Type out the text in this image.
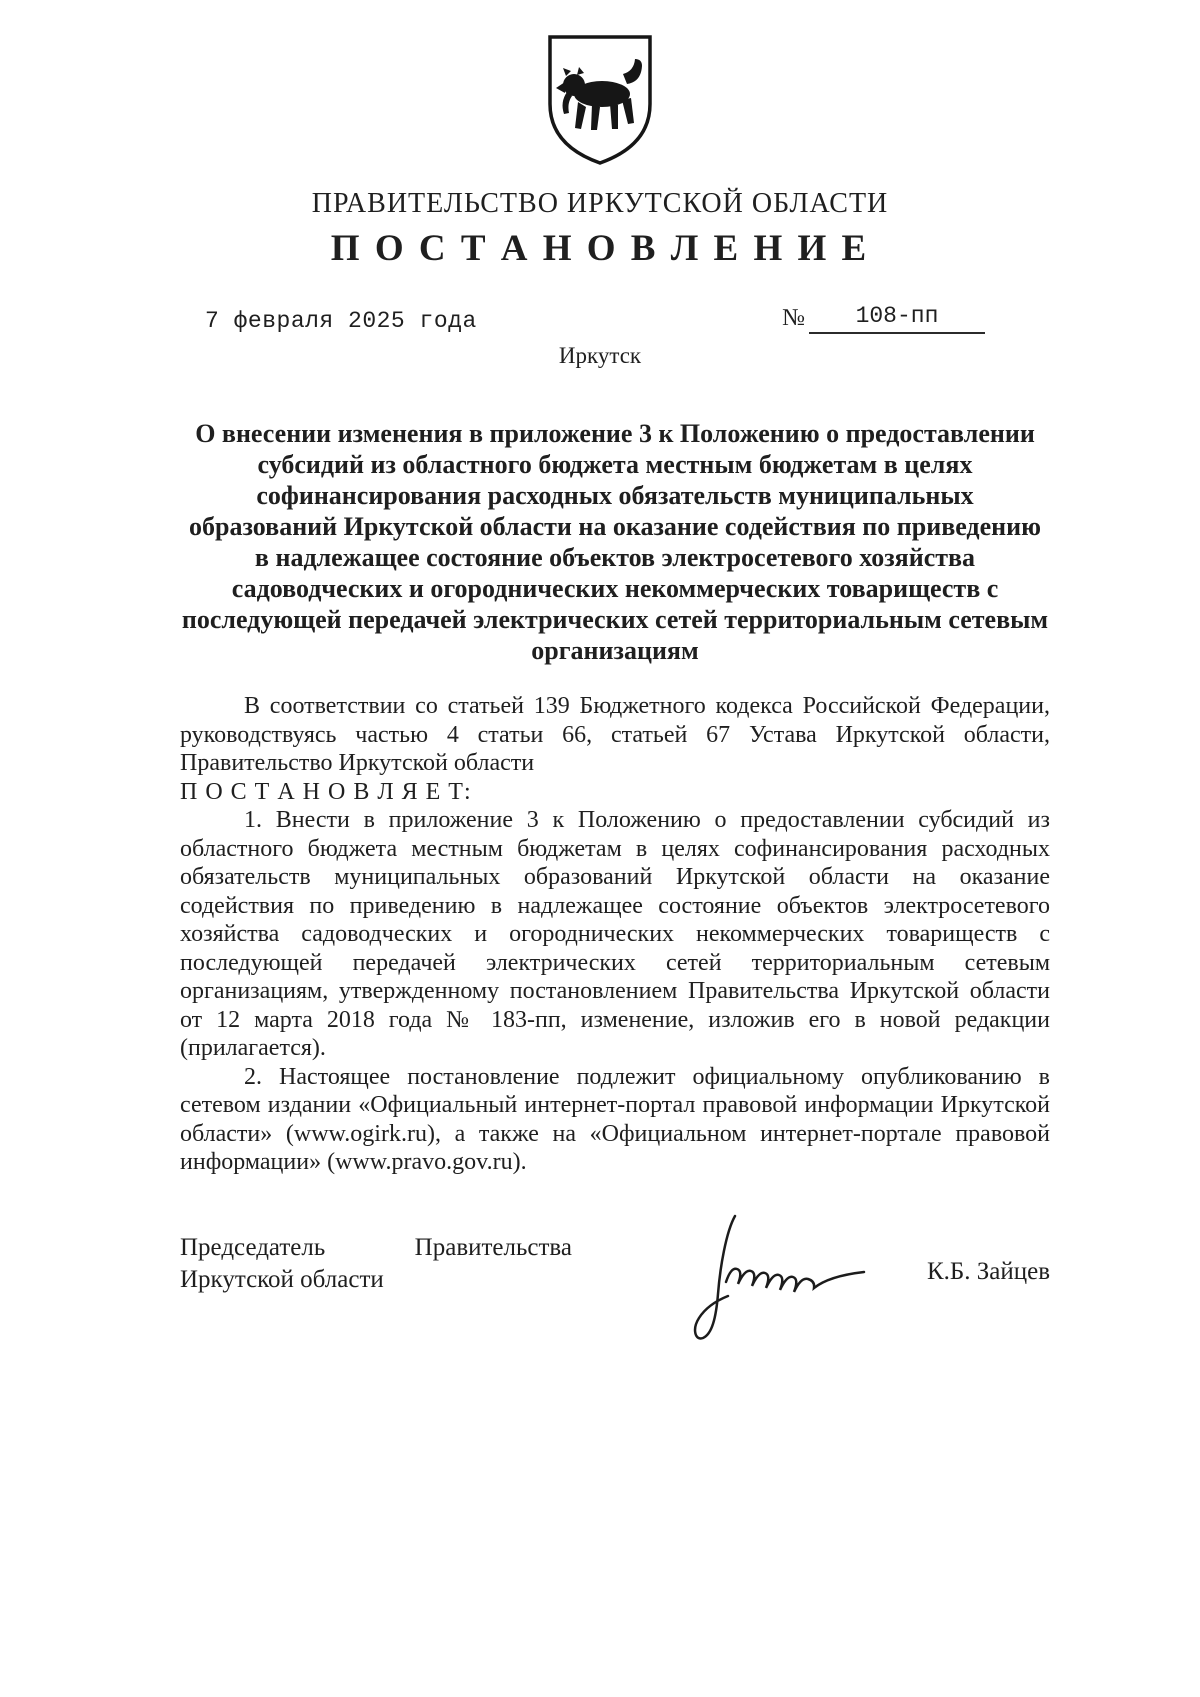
ПРАВИТЕЛЬСТВО ИРКУТСКОЙ ОБЛАСТИ
П О С Т А Н О В Л Е Н И Е
7 февраля 2025 года	№	108-пп
Иркутск
О внесении изменения в приложение 3 к Положению о предоставлении субсидий из областного бюджета местным бюджетам в целях софинансирования расходных обязательств муниципальных образований Иркутской области на оказание содействия по приведению в надлежащее состояние объектов электросетевого хозяйства садоводческих и огороднических некоммерческих товариществ с последующей передачей электрических сетей территориальным сетевым организациям

В соответствии со статьей 139 Бюджетного кодекса Российской Федерации, руководствуясь частью 4 статьи 66, статьей 67 Устава Иркутской области, Правительство Иркутской области

П О С Т А Н О В Л Я Е Т:

1. Внести в приложение 3 к Положению о предоставлении субсидий из областного бюджета местным бюджетам в целях софинансирования расходных обязательств муниципальных образований Иркутской области на оказание содействия по приведению в надлежащее состояние объектов электросетевого хозяйства садоводческих и огороднических некоммерческих товариществ с последующей передачей электрических сетей территориальным сетевым организациям, утвержденному постановлением Правительства Иркутской области от 12 марта 2018 года № 183-пп, изменение, изложив его в новой редакции (прилагается).

2. Настоящее постановление подлежит официальному опубликованию в сетевом издании «Официальный интернет-портал правовой информации Иркутской области» (www.ogirk.ru), а также на «Официальном интернет-портале правовой информации» (www.pravo.gov.ru).

Председатель	Правительства
Иркутской области	К.Б. Зайцев
